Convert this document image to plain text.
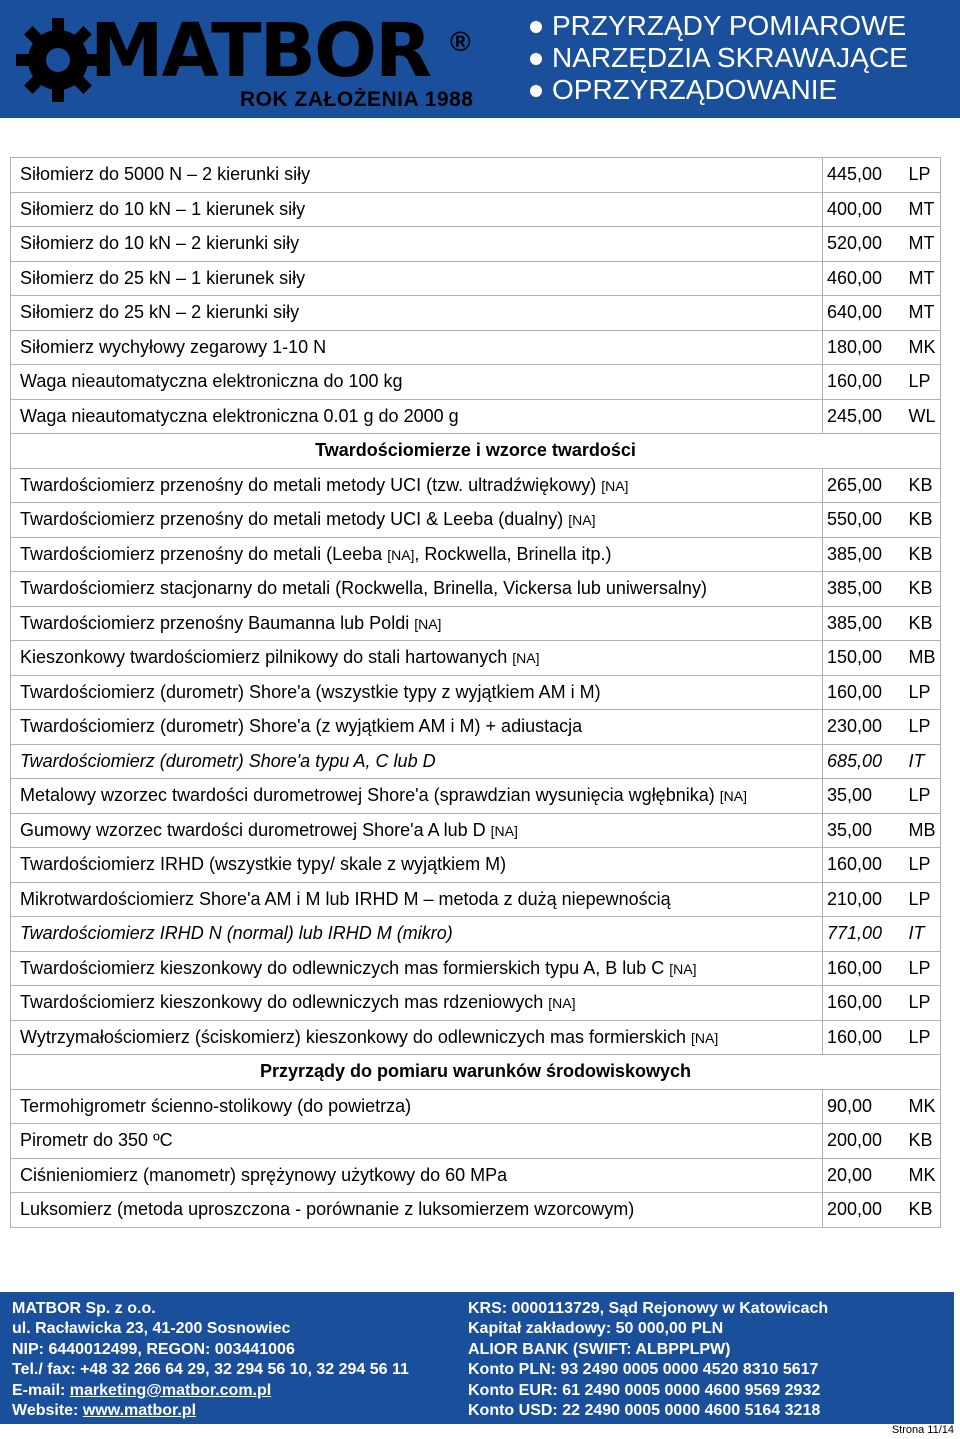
MATBOR ®
ROK ZAŁOŻENIA 1988
PRZYRZĄDY POMIAROWE
NARZĘDZIA SKRAWAJĄCE
OPRZYRZĄDOWANIE
Siłomierz do 5000 N – 2 kierunki siły	445,00	LP
Siłomierz do 10 kN – 1 kierunek siły	400,00	MT
Siłomierz do 10 kN – 2 kierunki siły	520,00	MT
Siłomierz do 25 kN – 1 kierunek siły	460,00	MT
Siłomierz do 25 kN – 2 kierunki siły	640,00	MT
Siłomierz wychyłowy zegarowy 1-10 N	180,00	MK
Waga nieautomatyczna elektroniczna do 100 kg	160,00	LP
Waga nieautomatyczna elektroniczna 0.01 g do 2000 g	245,00	WL
Twardościomierze i wzorce twardości		
Twardościomierz przenośny do metali metody UCI (tzw. ultradźwiękowy) [NA]	265,00	KB
Twardościomierz przenośny do metali metody UCI & Leeba (dualny) [NA]	550,00	KB
Twardościomierz przenośny do metali (Leeba [NA], Rockwella, Brinella itp.)	385,00	KB
Twardościomierz stacjonarny do metali (Rockwella, Brinella, Vickersa lub uniwersalny)	385,00	KB
Twardościomierz przenośny Baumanna lub Poldi [NA]	385,00	KB
Kieszonkowy twardościomierz pilnikowy do stali hartowanych [NA]	150,00	MB
Twardościomierz (durometr) Shore'a (wszystkie typy z wyjątkiem AM i M)	160,00	LP
Twardościomierz (durometr) Shore'a (z wyjątkiem AM i M) + adiustacja	230,00	LP
Twardościomierz (durometr) Shore'a typu A, C lub D	685,00	IT
Metalowy wzorzec twardości durometrowej Shore'a (sprawdzian wysunięcia wgłębnika) [NA]	35,00	LP
Gumowy wzorzec twardości durometrowej Shore'a A lub D [NA]	35,00	MB
Twardościomierz IRHD (wszystkie typy/ skale z wyjątkiem M)	160,00	LP
Mikrotwardościomierz Shore'a AM i M lub IRHD M – metoda z dużą niepewnością	210,00	LP
Twardościomierz IRHD N (normal) lub IRHD M (mikro)	771,00	IT
Twardościomierz kieszonkowy do odlewniczych mas formierskich typu A, B lub C [NA]	160,00	LP
Twardościomierz kieszonkowy do odlewniczych mas rdzeniowych [NA]	160,00	LP
Wytrzymałościomierz (ściskomierz) kieszonkowy do odlewniczych mas formierskich [NA]	160,00	LP
Przyrządy do pomiaru warunków środowiskowych		
Termohigrometr ścienno-stolikowy (do powietrza)	90,00	MK
Pirometr do 350 ºC	200,00	KB
Ciśnieniomierz (manometr) sprężynowy użytkowy do 60 MPa	20,00	MK
Luksomierz (metoda uproszczona - porównanie z luksomierzem wzorcowym)	200,00	KB
MATBOR Sp. z o.o.
ul. Racławicka 23, 41-200 Sosnowiec
NIP: 6440012499, REGON: 003441006
Tel./ fax: +48 32 266 64 29, 32 294 56 10, 32 294 56 11
E-mail: marketing@matbor.com.pl
Website: www.matbor.pl
KRS: 0000113729, Sąd Rejonowy w Katowicach
Kapitał zakładowy: 50 000,00 PLN
ALIOR BANK (SWIFT: ALBPPLPW)
Konto PLN: 93 2490 0005 0000 4520 8310 5617
Konto EUR: 61 2490 0005 0000 4600 9569 2932
Konto USD: 22 2490 0005 0000 4600 5164 3218
Strona 11/14
